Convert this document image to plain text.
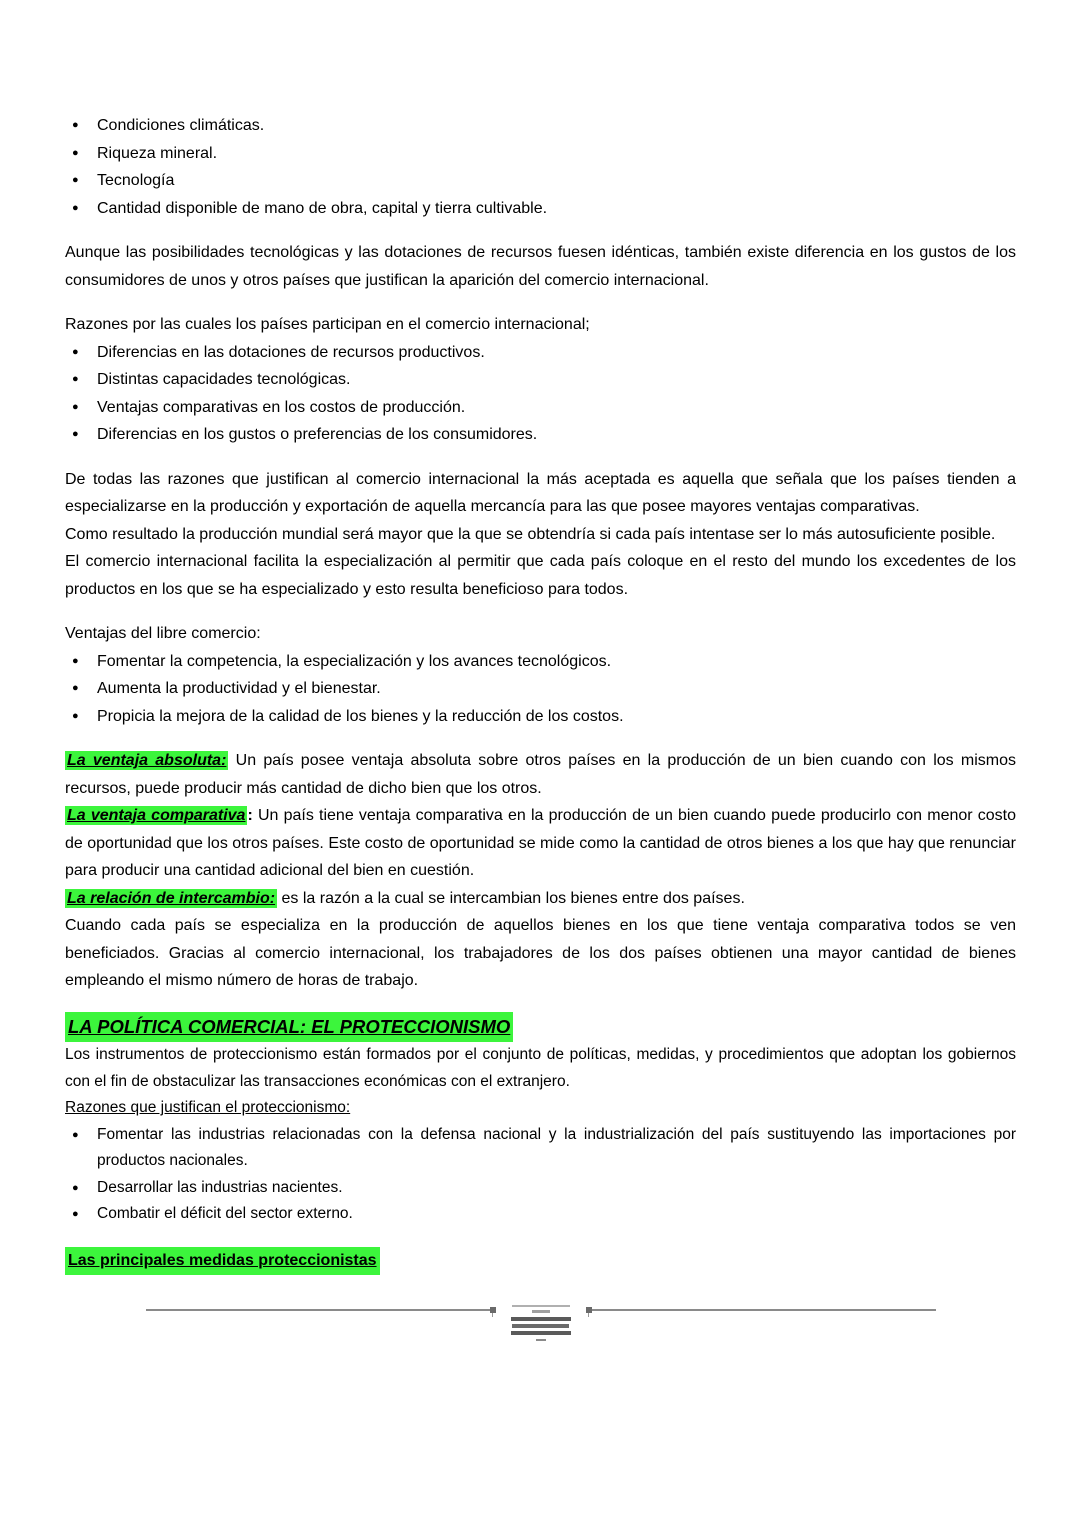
● Condiciones climáticas.
● Riqueza mineral.
● Tecnología
● Cantidad disponible de mano de obra, capital y tierra cultivable.

Aunque las posibilidades tecnológicas y las dotaciones de recursos fuesen idénticas, también existe diferencia en los gustos de los consumidores de unos y otros países que justifican la aparición del comercio internacional.

Razones por las cuales los países participan en el comercio internacional;

● Diferencias en las dotaciones de recursos productivos.
● Distintas capacidades tecnológicas.
● Ventajas comparativas en los costos de producción.
● Diferencias en los gustos o preferencias de los consumidores.

De todas las razones que justifican al comercio internacional la más aceptada es aquella que señala que los países tienden a especializarse en la producción y exportación de aquella mercancía para las que posee mayores ventajas comparativas.

Como resultado la producción mundial será mayor que la que se obtendría si cada país intentase ser lo más autosuficiente posible.

El comercio internacional facilita la especialización al permitir que cada país coloque en el resto del mundo los excedentes de los productos en los que se ha especializado y esto resulta beneficioso para todos.

Ventajas del libre comercio:

● Fomentar la competencia, la especialización y los avances tecnológicos.
● Aumenta la productividad y el bienestar.
● Propicia la mejora de la calidad de los bienes y la reducción de los costos.

La ventaja absoluta: Un país posee ventaja absoluta sobre otros países en la producción de un bien cuando con los mismos recursos, puede producir más cantidad de dicho bien que los otros.

La ventaja comparativa : Un país tiene ventaja comparativa en la producción de un bien cuando puede producirlo con menor costo de oportunidad que los otros países. Este costo de oportunidad se mide como la cantidad de otros bienes a los que hay que renunciar para producir una cantidad adicional del bien en cuestión.

La relación de intercambio: es la razón a la cual se intercambian los bienes entre dos países.

Cuando cada país se especializa en la producción de aquellos bienes en los que tiene ventaja comparativa todos se ven beneficiados. Gracias al comercio internacional, los trabajadores de los dos países obtienen una mayor cantidad de bienes empleando el mismo número de horas de trabajo.

LA POLÍTICA COMERCIAL: EL PROTECCIONISMO

Los instrumentos de proteccionismo están formados por el conjunto de políticas, medidas, y procedimientos que adoptan los gobiernos con el fin de obstaculizar las transacciones económicas con el extranjero.

Razones que justifican el proteccionismo:

● Fomentar las industrias relacionadas con la defensa nacional y la industrialización del país sustituyendo las importaciones por productos nacionales.
● Desarrollar las industrias nacientes.
● Combatir el déficit del sector externo.
Las principales medidas proteccionistas
